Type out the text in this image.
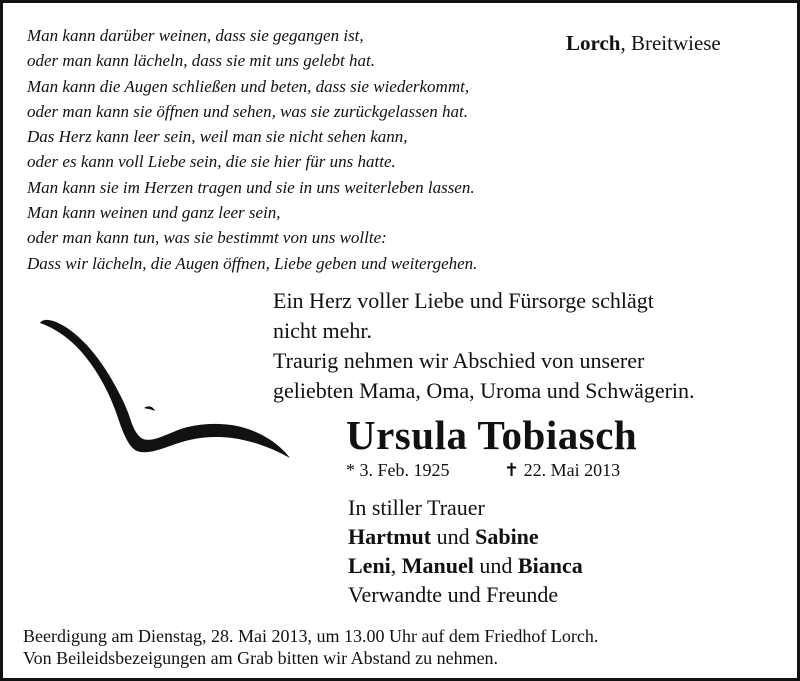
Man kann darüber weinen, dass sie gegangen ist,
oder man kann lächeln, dass sie mit uns gelebt hat.
Man kann die Augen schließen und beten, dass sie wiederkommt,
oder man kann sie öffnen und sehen, was sie zurückgelassen hat.
Das Herz kann leer sein, weil man sie nicht sehen kann,
oder es kann voll Liebe sein, die sie hier für uns hatte.
Man kann sie im Herzen tragen und sie in uns weiterleben lassen.
Man kann weinen und ganz leer sein,
oder man kann tun, was sie bestimmt von uns wollte:
Dass wir lächeln, die Augen öffnen, Liebe geben und weitergehen.
Lorch, Breitwiese
Ein Herz voller Liebe und Fürsorge schlägt
nicht mehr.
Traurig nehmen wir Abschied von unserer
geliebten Mama, Oma, Uroma und Schwägerin.
Ursula Tobiasch
* 3. Feb. 1925	✝ 22. Mai 2013
In stiller Trauer
Hartmut und Sabine
Leni, Manuel und Bianca
Verwandte und Freunde
Beerdigung am Dienstag, 28. Mai 2013, um 13.00 Uhr auf dem Friedhof Lorch.
Von Beileidsbezeigungen am Grab bitten wir Abstand zu nehmen.
